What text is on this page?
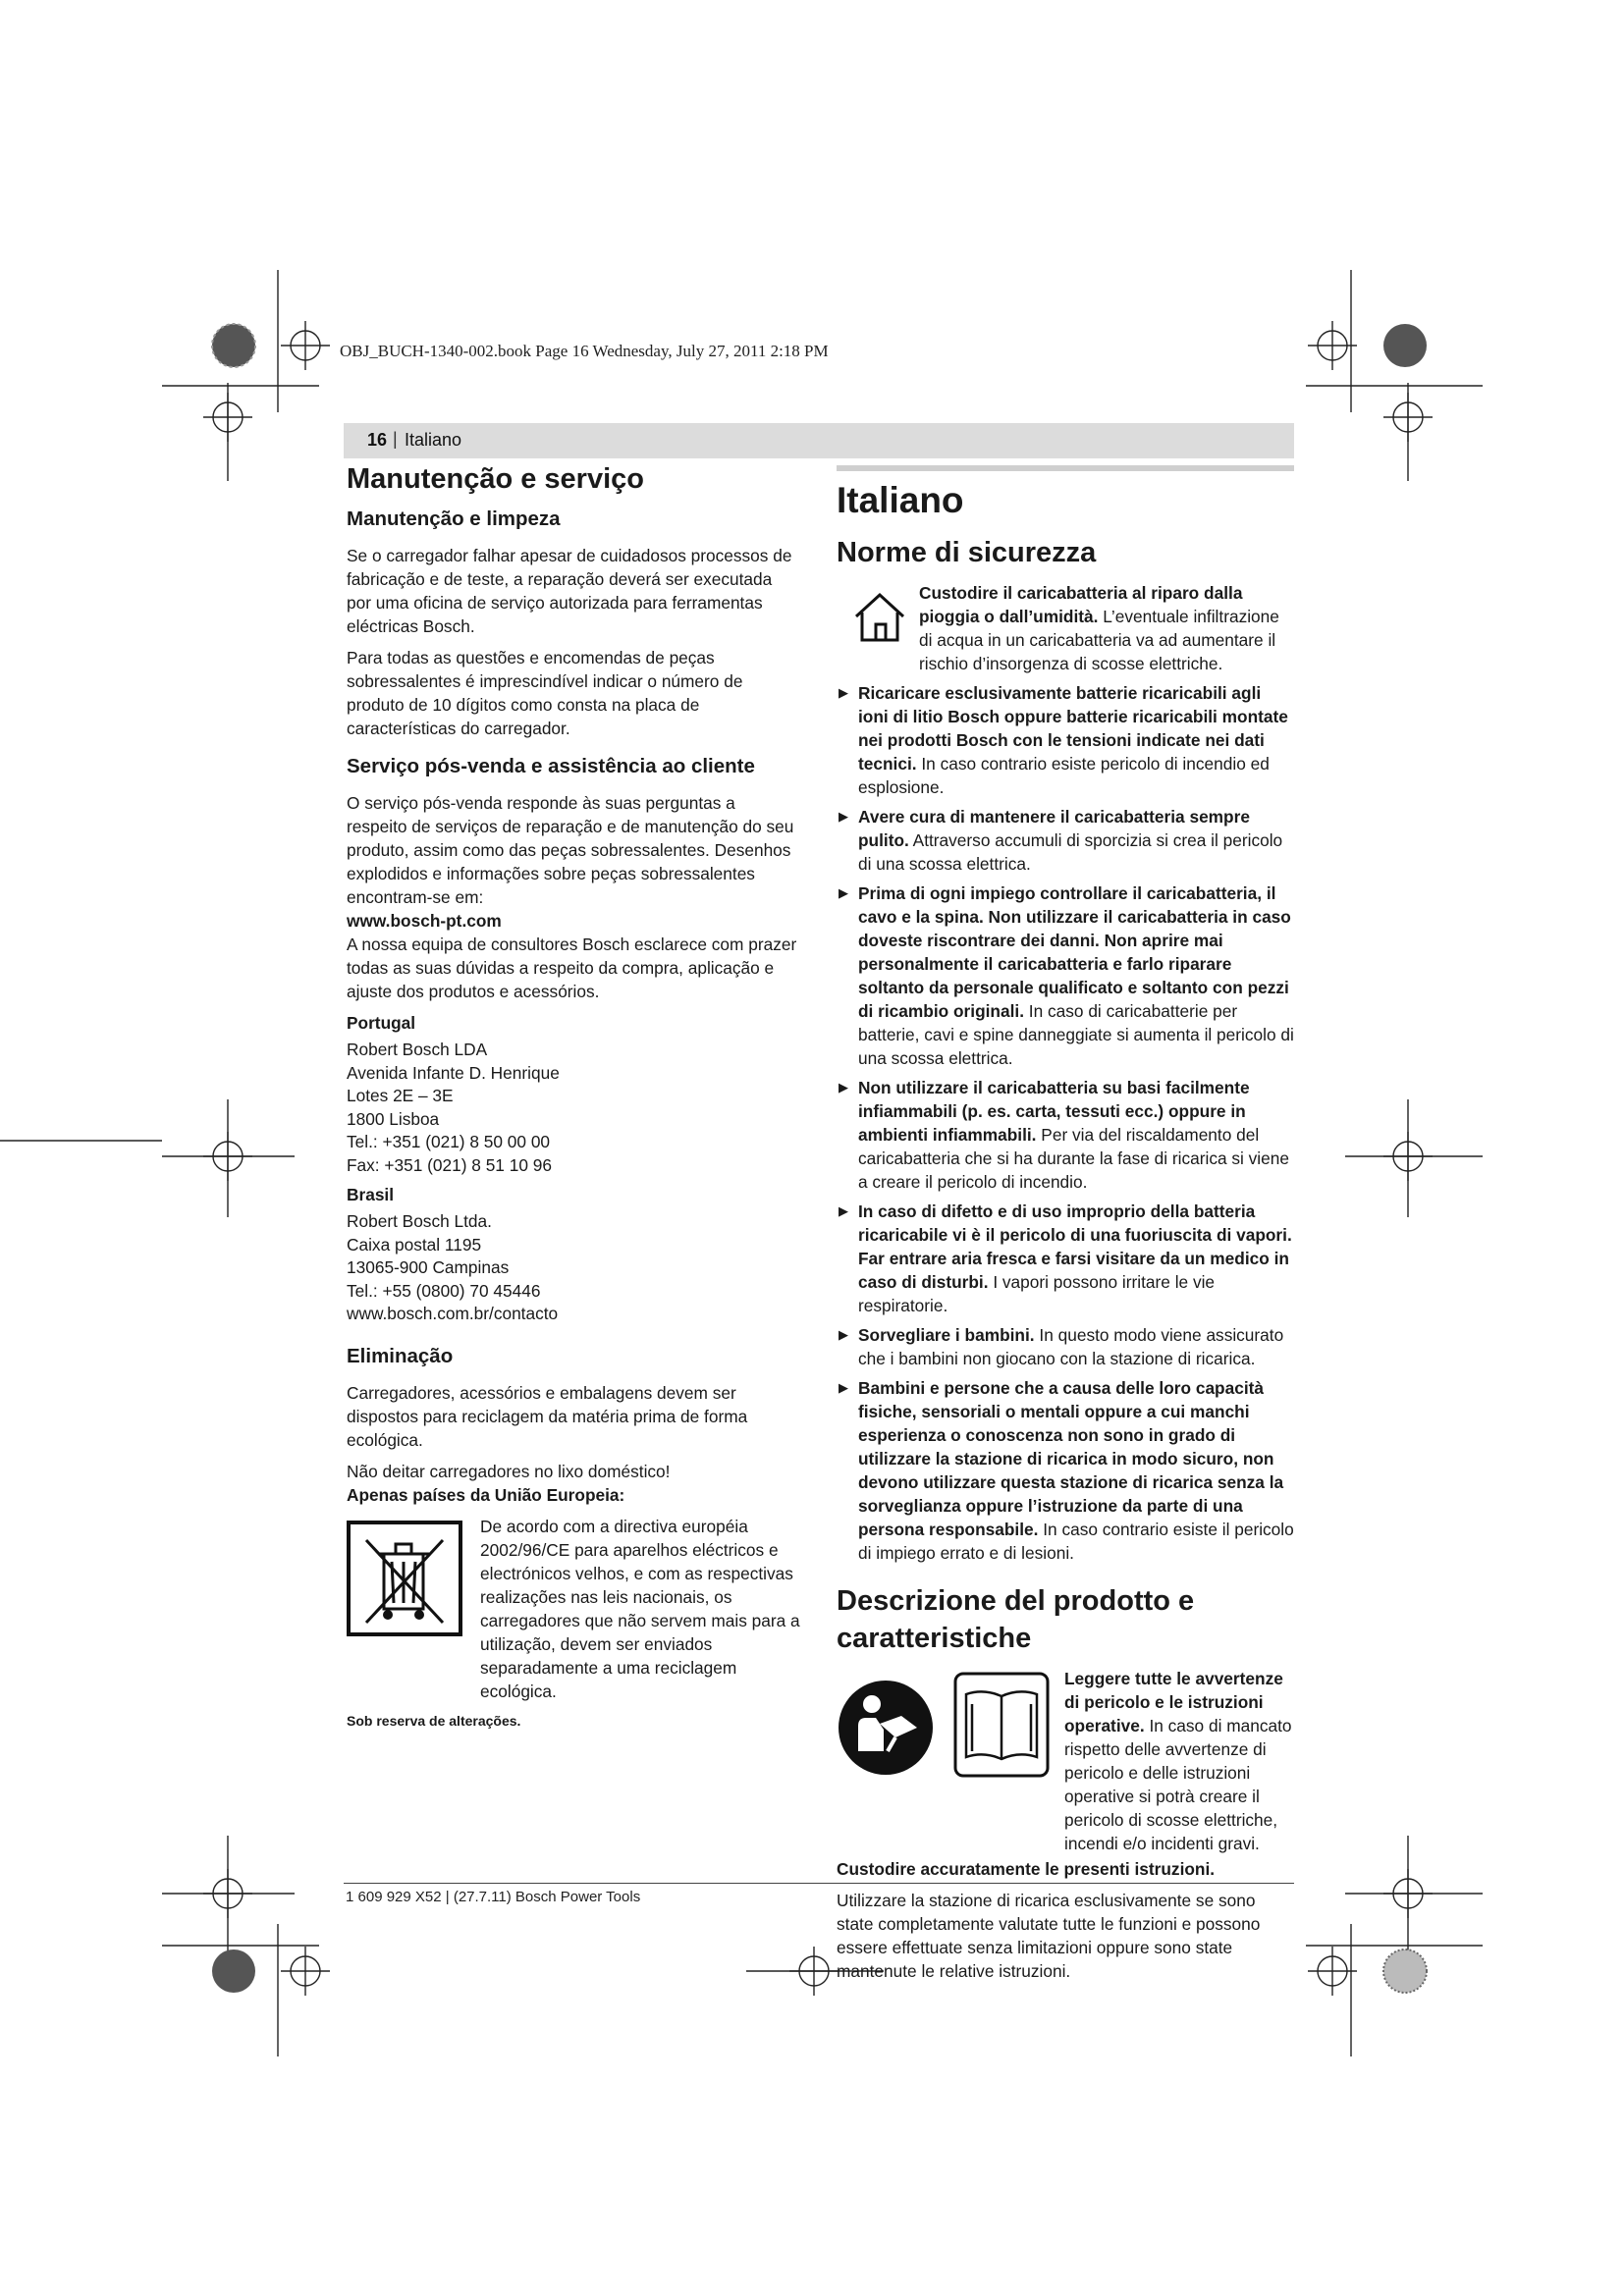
OBJ_BUCH-1340-002.book Page 16 Wednesday, July 27, 2011 2:18 PM
16 | Italiano
Manutenção e serviço
Manutenção e limpeza

Se o carregador falhar apesar de cuidadosos processos de fabricação e de teste, a reparação deverá ser executada por uma oficina de serviço autorizada para ferramentas eléctricas Bosch.

Para todas as questões e encomendas de peças sobressalentes é imprescindível indicar o número de produto de 10 dígitos como consta na placa de características do carregador.

Serviço pós-venda e assistência ao cliente

O serviço pós-venda responde às suas perguntas a respeito de serviços de reparação e de manutenção do seu produto, assim como das peças sobressalentes. Desenhos explodidos e informações sobre peças sobressalentes encontram-se em:

www.bosch-pt.com

A nossa equipa de consultores Bosch esclarece com prazer todas as suas dúvidas a respeito da compra, aplicação e ajuste dos produtos e acessórios.

Portugal

Robert Bosch LDA
Avenida Infante D. Henrique
Lotes 2E – 3E
1800 Lisboa
Tel.: +351 (021) 8 50 00 00
Fax: +351 (021) 8 51 10 96

Brasil

Robert Bosch Ltda.
Caixa postal 1195
13065-900 Campinas
Tel.: +55 (0800) 70 45446
www.bosch.com.br/contacto
Eliminação

Carregadores, acessórios e embalagens devem ser dispostos para reciclagem da matéria prima de forma ecológica.

Não deitar carregadores no lixo doméstico!

Apenas países da União Europeia:

De acordo com a directiva européia 2002/96/CE para aparelhos eléctricos e electrónicos velhos, e com as respectivas realizações nas leis nacionais, os carregadores que não servem mais para a utilização, devem ser enviados separadamente a uma reciclagem ecológica.
Sob reserva de alterações.
Italiano
Norme di sicurezza
Custodire il caricabatteria al riparo dalla pioggia o dall’umidità. L’eventuale infiltrazione di acqua in un caricabatteria va ad aumentare il rischio d’insorgenza di scosse elettriche.
▶ Ricaricare esclusivamente batterie ricaricabili agli ioni di litio Bosch oppure batterie ricaricabili montate nei prodotti Bosch con le tensioni indicate nei dati tecnici. In caso contrario esiste pericolo di incendio ed esplosione.
▶ Avere cura di mantenere il caricabatteria sempre pulito. Attraverso accumuli di sporcizia si crea il pericolo di una scossa elettrica.
▶ Prima di ogni impiego controllare il caricabatteria, il cavo e la spina. Non utilizzare il caricabatteria in caso doveste riscontrare dei danni. Non aprire mai personalmente il caricabatteria e farlo riparare soltanto da personale qualificato e soltanto con pezzi di ricambio originali. In caso di caricabatterie per batterie, cavi e spine danneggiate si aumenta il pericolo di una scossa elettrica.
▶ Non utilizzare il caricabatteria su basi facilmente infiammabili (p. es. carta, tessuti ecc.) oppure in ambienti infiammabili. Per via del riscaldamento del caricabatteria che si ha durante la fase di ricarica si viene a creare il pericolo di incendio.
▶ In caso di difetto e di uso improprio della batteria ricaricabile vi è il pericolo di una fuoriuscita di vapori. Far entrare aria fresca e farsi visitare da un medico in caso di disturbi. I vapori possono irritare le vie respiratorie.
▶ Sorvegliare i bambini. In questo modo viene assicurato che i bambini non giocano con la stazione di ricarica.
▶ Bambini e persone che a causa delle loro capacità fisiche, sensoriali o mentali oppure a cui manchi esperienza o conoscenza non sono in grado di utilizzare la stazione di ricarica in modo sicuro, non devono utilizzare questa stazione di ricarica senza la sorveglianza oppure l’istruzione da parte di una persona responsabile. In caso contrario esiste il pericolo di impiego errato e di lesioni.
Descrizione del prodotto e caratteristiche
Leggere tutte le avvertenze di pericolo e le istruzioni operative. In caso di mancato rispetto delle avvertenze di pericolo e delle istruzioni operative si potrà creare il pericolo di scosse elettriche, incendi e/o incidenti gravi.

Custodire accuratamente le presenti istruzioni.

Utilizzare la stazione di ricarica esclusivamente se sono state completamente valutate tutte le funzioni e possono essere effettuate senza limitazioni oppure sono state mantenute le relative istruzioni.

1 609 929 X52 | (27.7.11) Bosch Power Tools
